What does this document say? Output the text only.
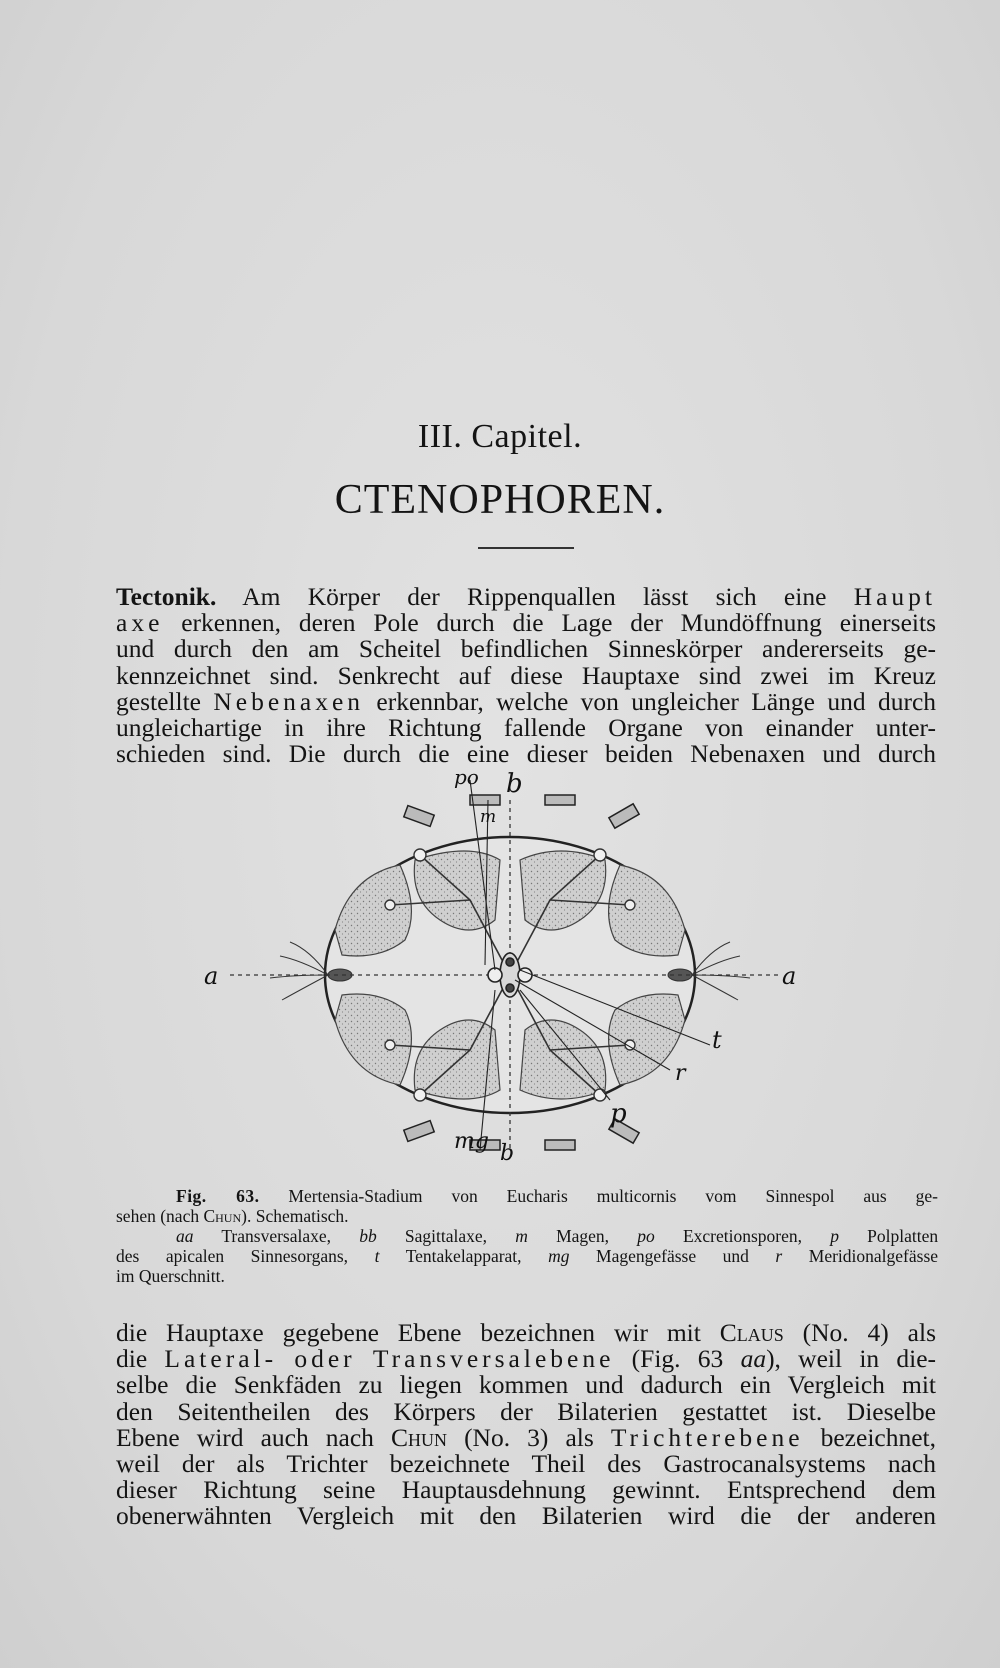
III. Capitel.
CTENOPHOREN.
Tectonik. Am Körper der Rippenquallen lässt sich eine Haupt
axe erkennen, deren Pole durch die Lage der Mundöffnung einerseits
und durch den am Scheitel befindlichen Sinneskörper andererseits ge-
kennzeichnet sind. Senkrecht auf diese Hauptaxe sind zwei im Kreuz
gestellte Nebenaxen erkennbar, welche von ungleicher Länge und durch
ungleichartige in ihre Richtung fallende Organe von einander unter-
schieden sind. Die durch die eine dieser beiden Nebenaxen und durch
po b
m
a	a
t
r
p
mg b
Fig. 63. Mertensia-Stadium von Eucharis multicornis vom Sinnespol aus ge-
sehen (nach Chun). Schematisch.
aa Transversalaxe, bb Sagittalaxe, m Magen, po Excretionsporen, p Polplatten
des apicalen Sinnesorgans, t Tentakelapparat, mg Magengefässe und r Meridionalgefässe
im Querschnitt.
die Hauptaxe gegebene Ebene bezeichnen wir mit Claus (No. 4) als
die Lateral- oder Transversalebene (Fig. 63 aa), weil in die-
selbe die Senkfäden zu liegen kommen und dadurch ein Vergleich mit
den Seitentheilen des Körpers der Bilaterien gestattet ist. Dieselbe
Ebene wird auch nach Chun (No. 3) als Trichterebene bezeichnet,
weil der als Trichter bezeichnete Theil des Gastrocanalsystems nach
dieser Richtung seine Hauptausdehnung gewinnt. Entsprechend dem
obenerwähnten Vergleich mit den Bilaterien wird die der anderen
